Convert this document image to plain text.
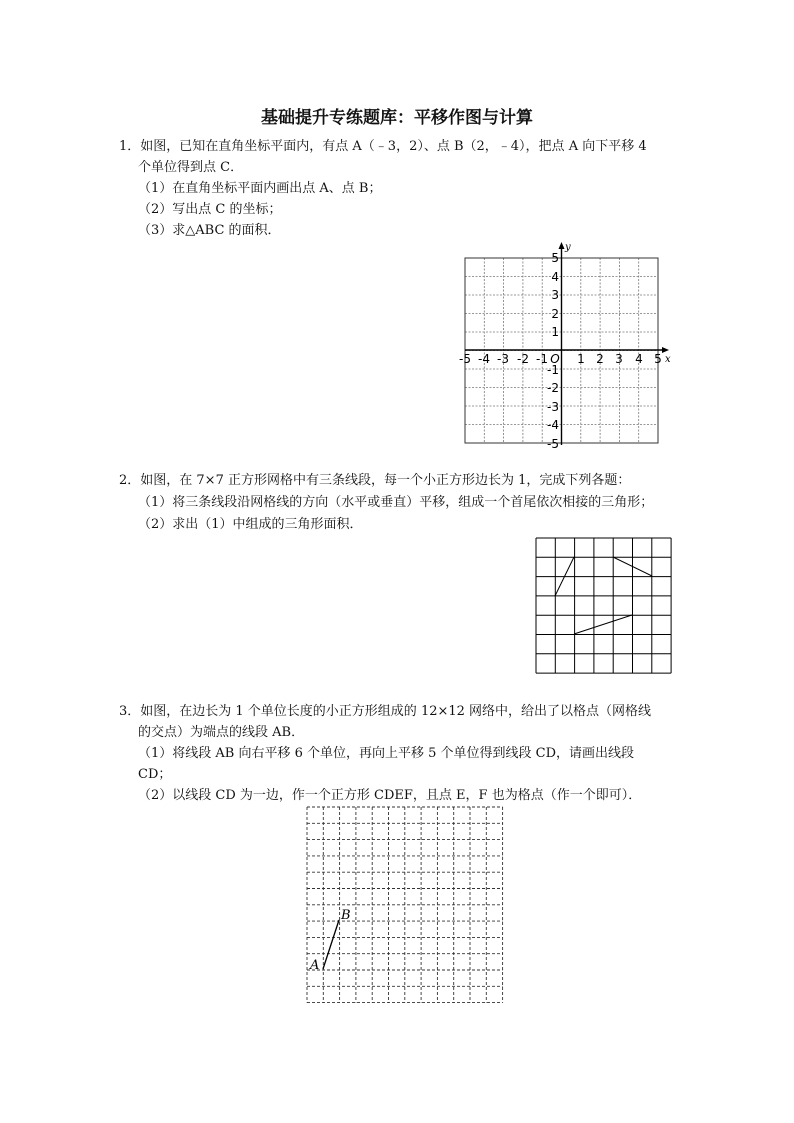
基础提升专练题库：平移作图与计算
1．如图，已知在直角坐标平面内，有点 A（﹣3，2）、点 B（2，﹣4），把点 A 向下平移 4
个单位得到点 C．
（1）在直角坐标平面内画出点 A、点 B；
（2）写出点 C 的坐标；
（3）求△ABC 的面积．
x
y
-5 -4 -3 -2 -1 O 1 2 3 4 5
5
4
3
2
1
-1
-2
-3
-4
-5
2．如图，在 7×7 正方形网格中有三条线段，每一个小正方形边长为 1，完成下列各题：
（1）将三条线段沿网格线的方向（水平或垂直）平移，组成一个首尾依次相接的三角形；
（2）求出（1）中组成的三角形面积．
3．如图，在边长为 1 个单位长度的小正方形组成的 12×12 网络中，给出了以格点（网格线
的交点）为端点的线段 AB．
（1）将线段 AB 向右平移 6 个单位，再向上平移 5 个单位得到线段 CD，请画出线段
CD；
（2）以线段 CD 为一边，作一个正方形 CDEF，且点 E，F 也为格点（作一个即可）．
A
B
